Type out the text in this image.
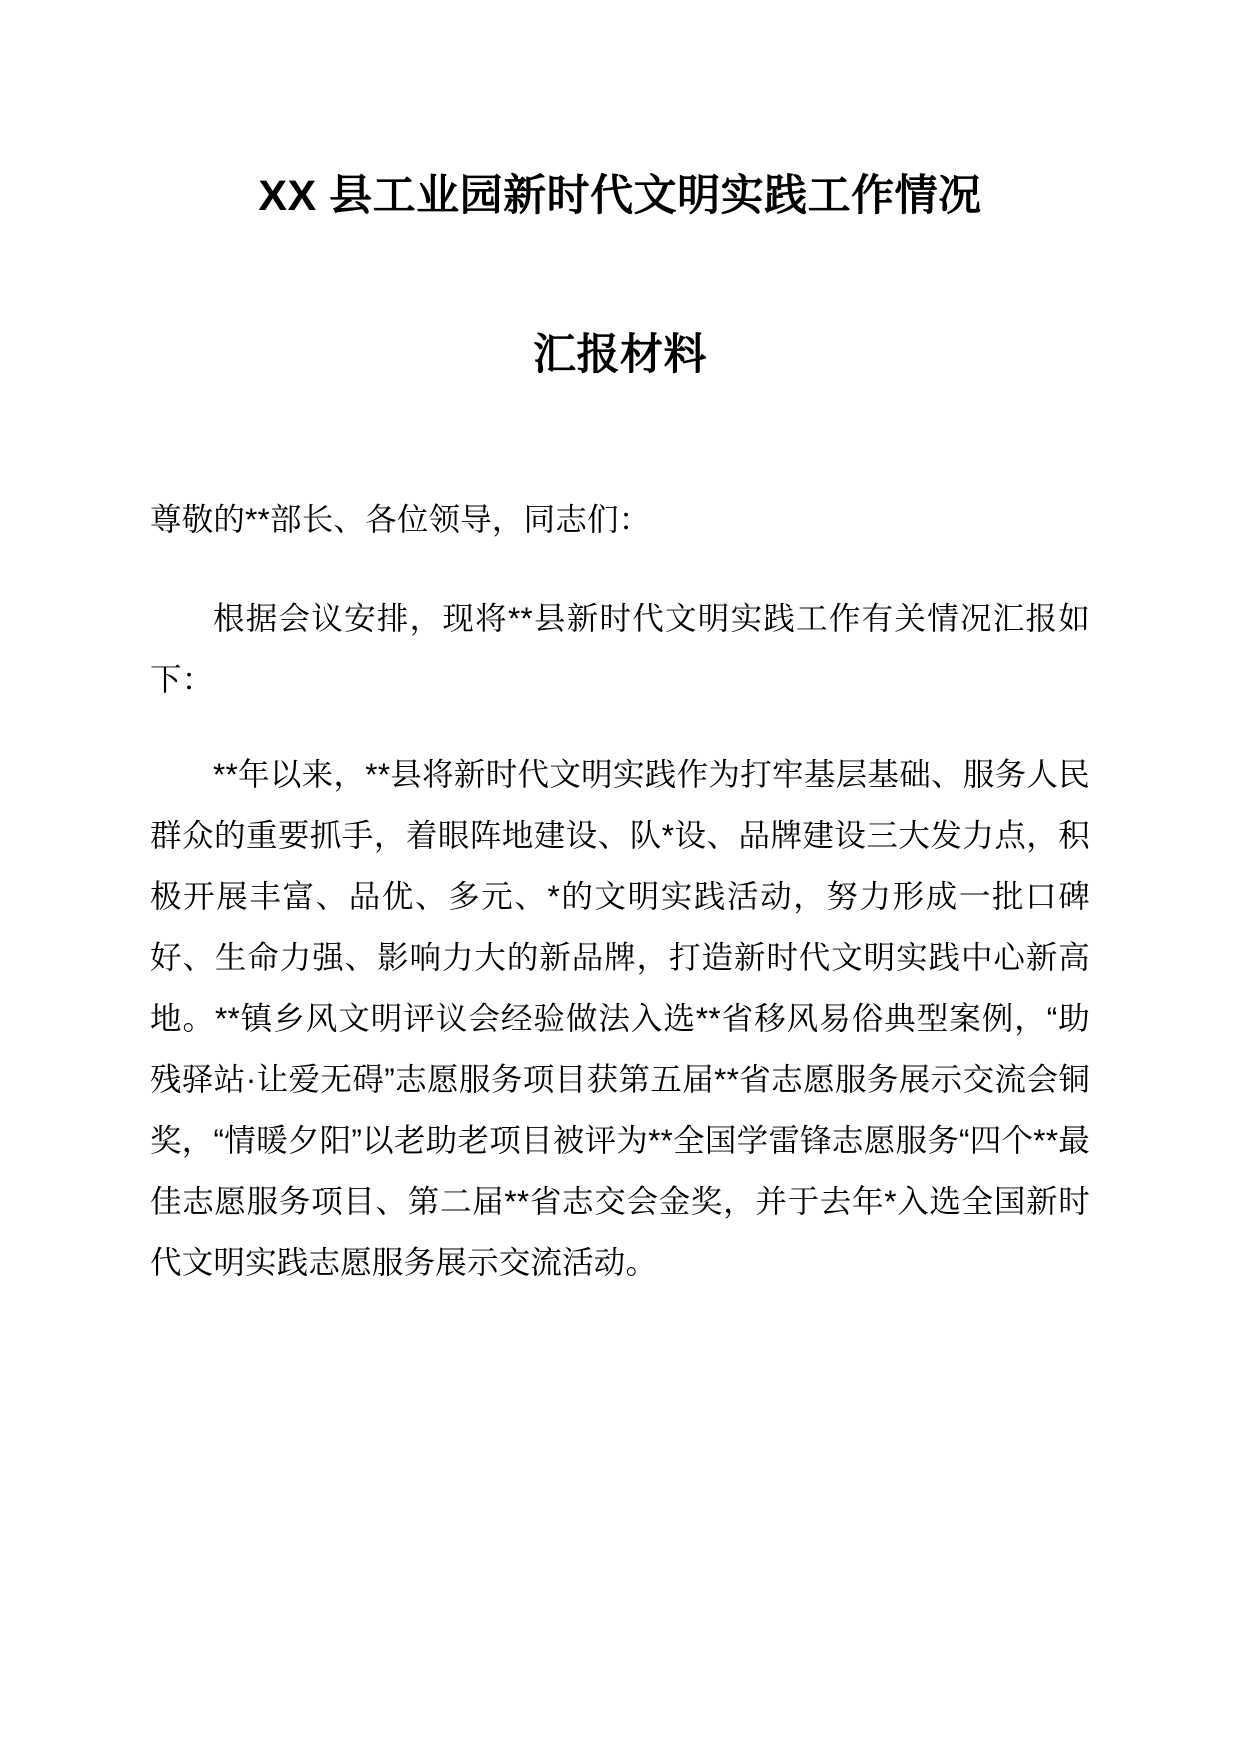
XX 县工业园新时代文明实践工作情况
汇报材料

尊敬的**部长、各位领导，同志们：

根据会议安排，现将**县新时代文明实践工作有关情况汇报如下：

**年以来，**县将新时代文明实践作为打牢基层基础、服务人民群众的重要抓手，着眼阵地建设、队*设、品牌建设三大发力点，积极开展丰富、品优、多元、*的文明实践活动，努力形成一批口碑好、生命力强、影响力大的新品牌，打造新时代文明实践中心新高地。**镇乡风文明评议会经验做法入选**省移风易俗典型案例，“助残驿站·让爱无碍”志愿服务项目获第五届**省志愿服务展示交流会铜奖，“情暖夕阳”以老助老项目被评为**全国学雷锋志愿服务“四个**最佳志愿服务项目、第二届**省志交会金奖，并于去年*入选全国新时代文明实践志愿服务展示交流活动。
